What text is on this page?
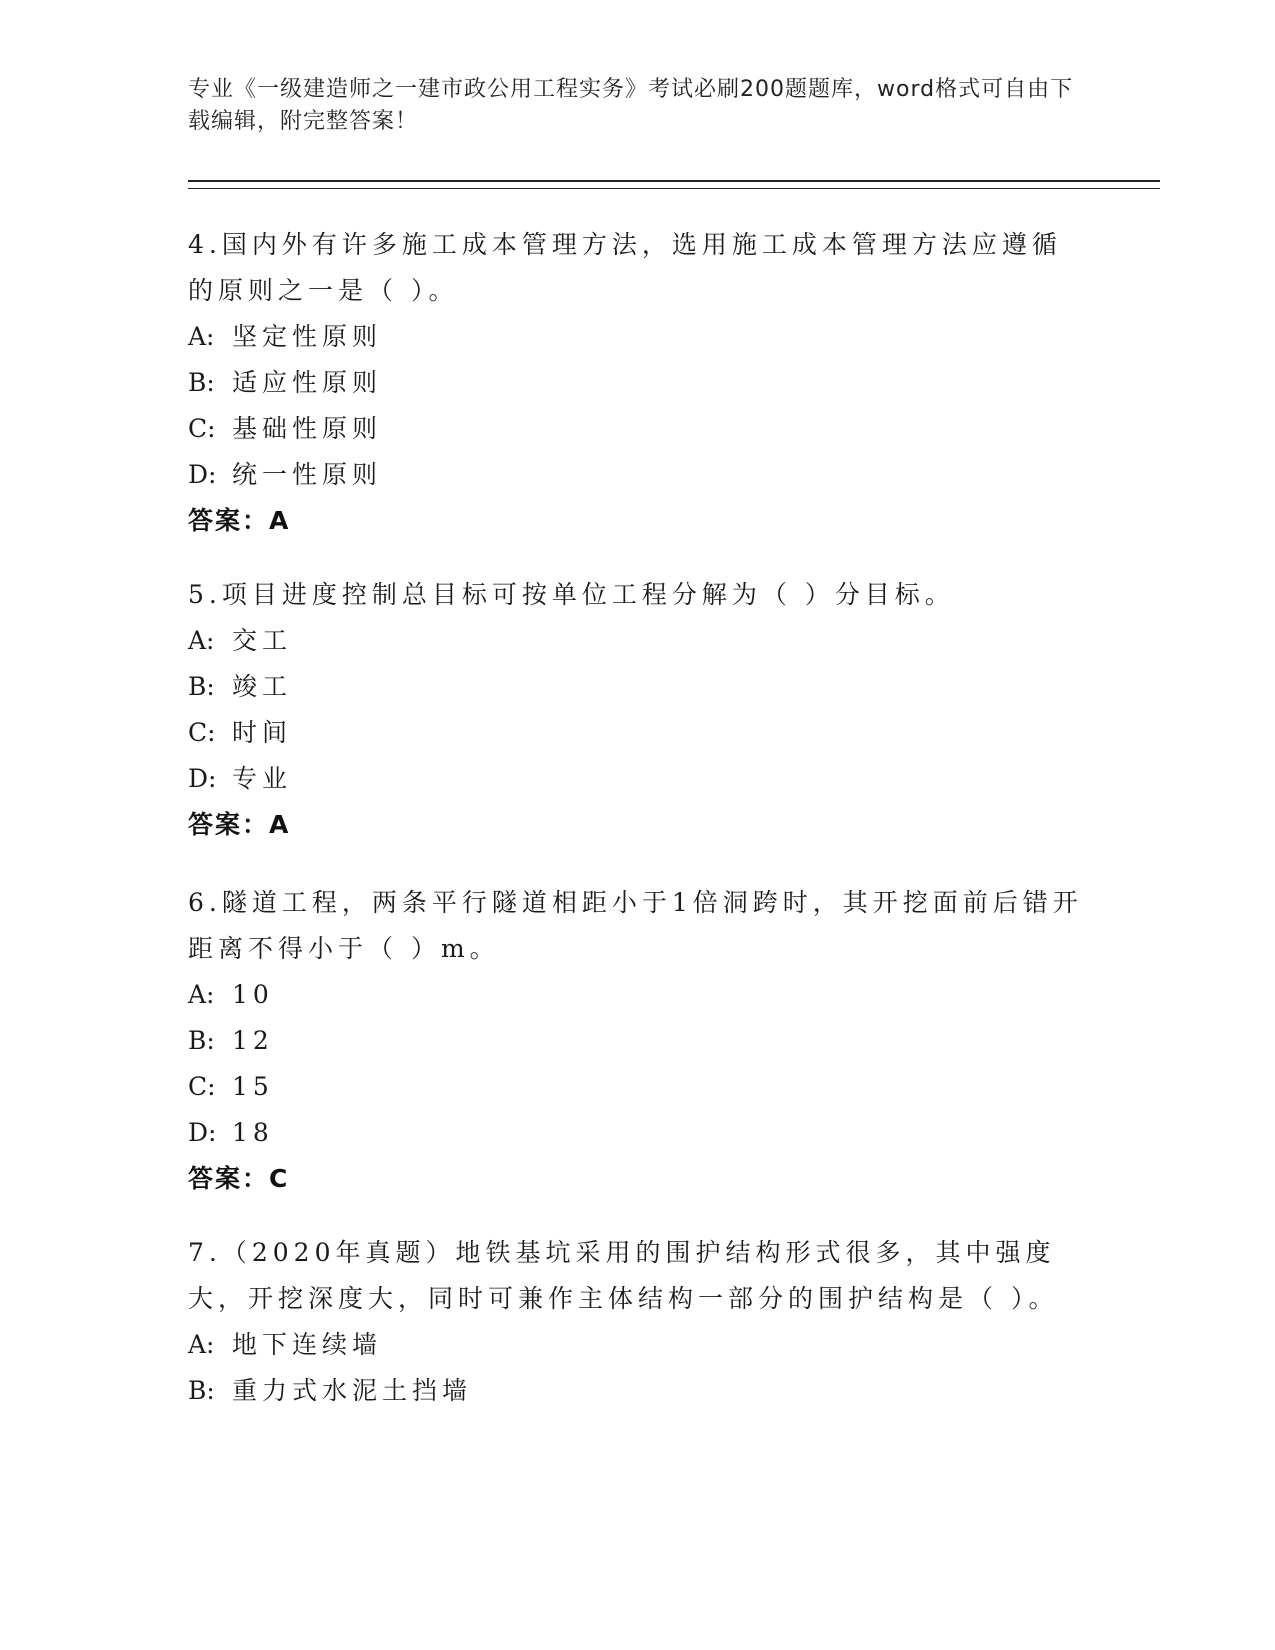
专业《一级建造师之一建市政公用工程实务》考试必刷200题题库，word格式可自由下载编辑，附完整答案！

4.国内外有许多施工成本管理方法，选用施工成本管理方法应遵循的原则之一是（ ）。

A: 坚定性原则

B: 适应性原则

C: 基础性原则

D: 统一性原则

答案：A

5.项目进度控制总目标可按单位工程分解为（ ）分目标。

A: 交工

B: 竣工

C: 时间

D: 专业

答案：A

6.隧道工程，两条平行隧道相距小于1倍洞跨时，其开挖面前后错开距离不得小于（ ）m。

A: 10

B: 12

C: 15

D: 18

答案：C

7.（2020年真题）地铁基坑采用的围护结构形式很多，其中强度大，开挖深度大，同时可兼作主体结构一部分的围护结构是（ ）。

A: 地下连续墙

B: 重力式水泥土挡墙
